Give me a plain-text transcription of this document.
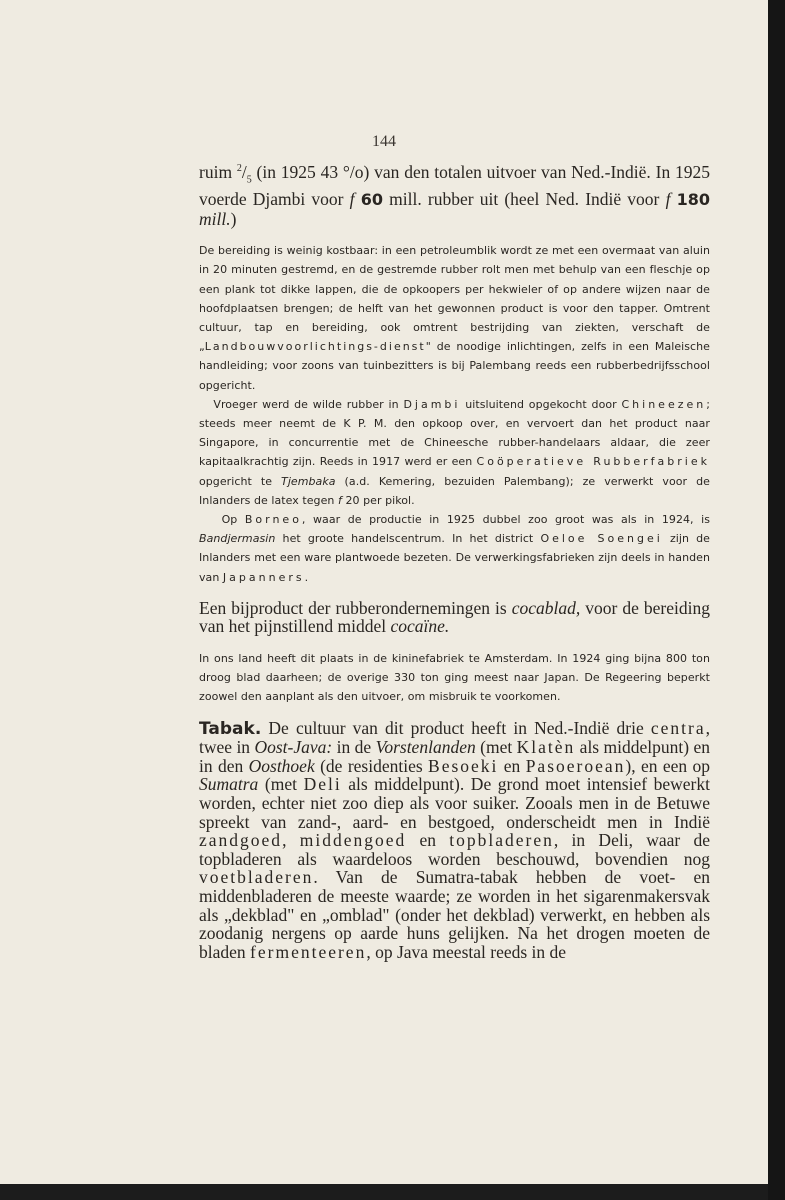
144

ruim $^2/_5$ (in 1925 43 °/o) van den totalen uitvoer van Ned.-Indië. In 1925 voerde Djambi voor f 60 mill. rubber uit (heel Ned. Indië voor f 180 mill.)

De bereiding is weinig kostbaar: in een petroleumblik wordt ze met een overmaat van aluin in 20 minuten gestremd, en de gestremde rubber rolt men met behulp van een fleschje op een plank tot dikke lappen, die de opkoopers per hekwieler of op andere wijzen naar de hoofdplaatsen brengen; de helft van het gewonnen product is voor den tapper. Omtrent cultuur, tap en bereiding, ook omtrent bestrijding van ziekten, verschaft de „Landbouwvoorlichtings-dienst" de noodige inlichtingen, zelfs in een Maleische handleiding; voor zoons van tuinbezitters is bij Palembang reeds een rubberbedrijfsschool opgericht.

Vroeger werd de wilde rubber in Djambi uitsluitend opgekocht door Chineezen; steeds meer neemt de K P. M. den opkoop over, en vervoert dan het product naar Singapore, in concurrentie met de Chineesche rubber-handelaars aldaar, die zeer kapitaalkrachtig zijn. Reeds in 1917 werd er een Coöperatieve Rubberfabriek opgericht te Tjembaka (a.d. Kemering, bezuiden Palembang); ze verwerkt voor de Inlanders de latex tegen f 20 per pikol.

Op Borneo, waar de productie in 1925 dubbel zoo groot was als in 1924, is Bandjermasin het groote handelscentrum. In het district Oeloe Soengei zijn de Inlanders met een ware plantwoede bezeten. De verwerkingsfabrieken zijn deels in handen van Japanners.

Een bijproduct der rubberondernemingen is cocablad, voor de bereiding van het pijnstillend middel cocaïne.

In ons land heeft dit plaats in de kininefabriek te Amsterdam. In 1924 ging bijna 800 ton droog blad daarheen; de overige 330 ton ging meest naar Japan. De Regeering beperkt zoowel den aanplant als den uitvoer, om misbruik te voorkomen.

Tabak. De cultuur van dit product heeft in Ned.-Indië drie centra, twee in Oost-Java: in de Vorstenlanden (met Klatèn als middelpunt) en in den Oosthoek (de residenties Besoeki en Pasoeroean), en een op Sumatra (met Deli als middelpunt). De grond moet intensief bewerkt worden, echter niet zoo diep als voor suiker. Zooals men in de Betuwe spreekt van zand-, aard- en bestgoed, onderscheidt men in Indië zandgoed, middengoed en topbladeren, in Deli, waar de topbladeren als waardeloos worden beschouwd, bovendien nog voetbladeren. Van de Sumatra-tabak hebben de voet- en middenbladeren de meeste waarde; ze worden in het sigarenmakersvak als „dekblad" en „omblad" (onder het dekblad) verwerkt, en hebben als zoodanig nergens op aarde huns gelijken. Na het drogen moeten de bladen fermenteeren, op Java meestal reeds in de
